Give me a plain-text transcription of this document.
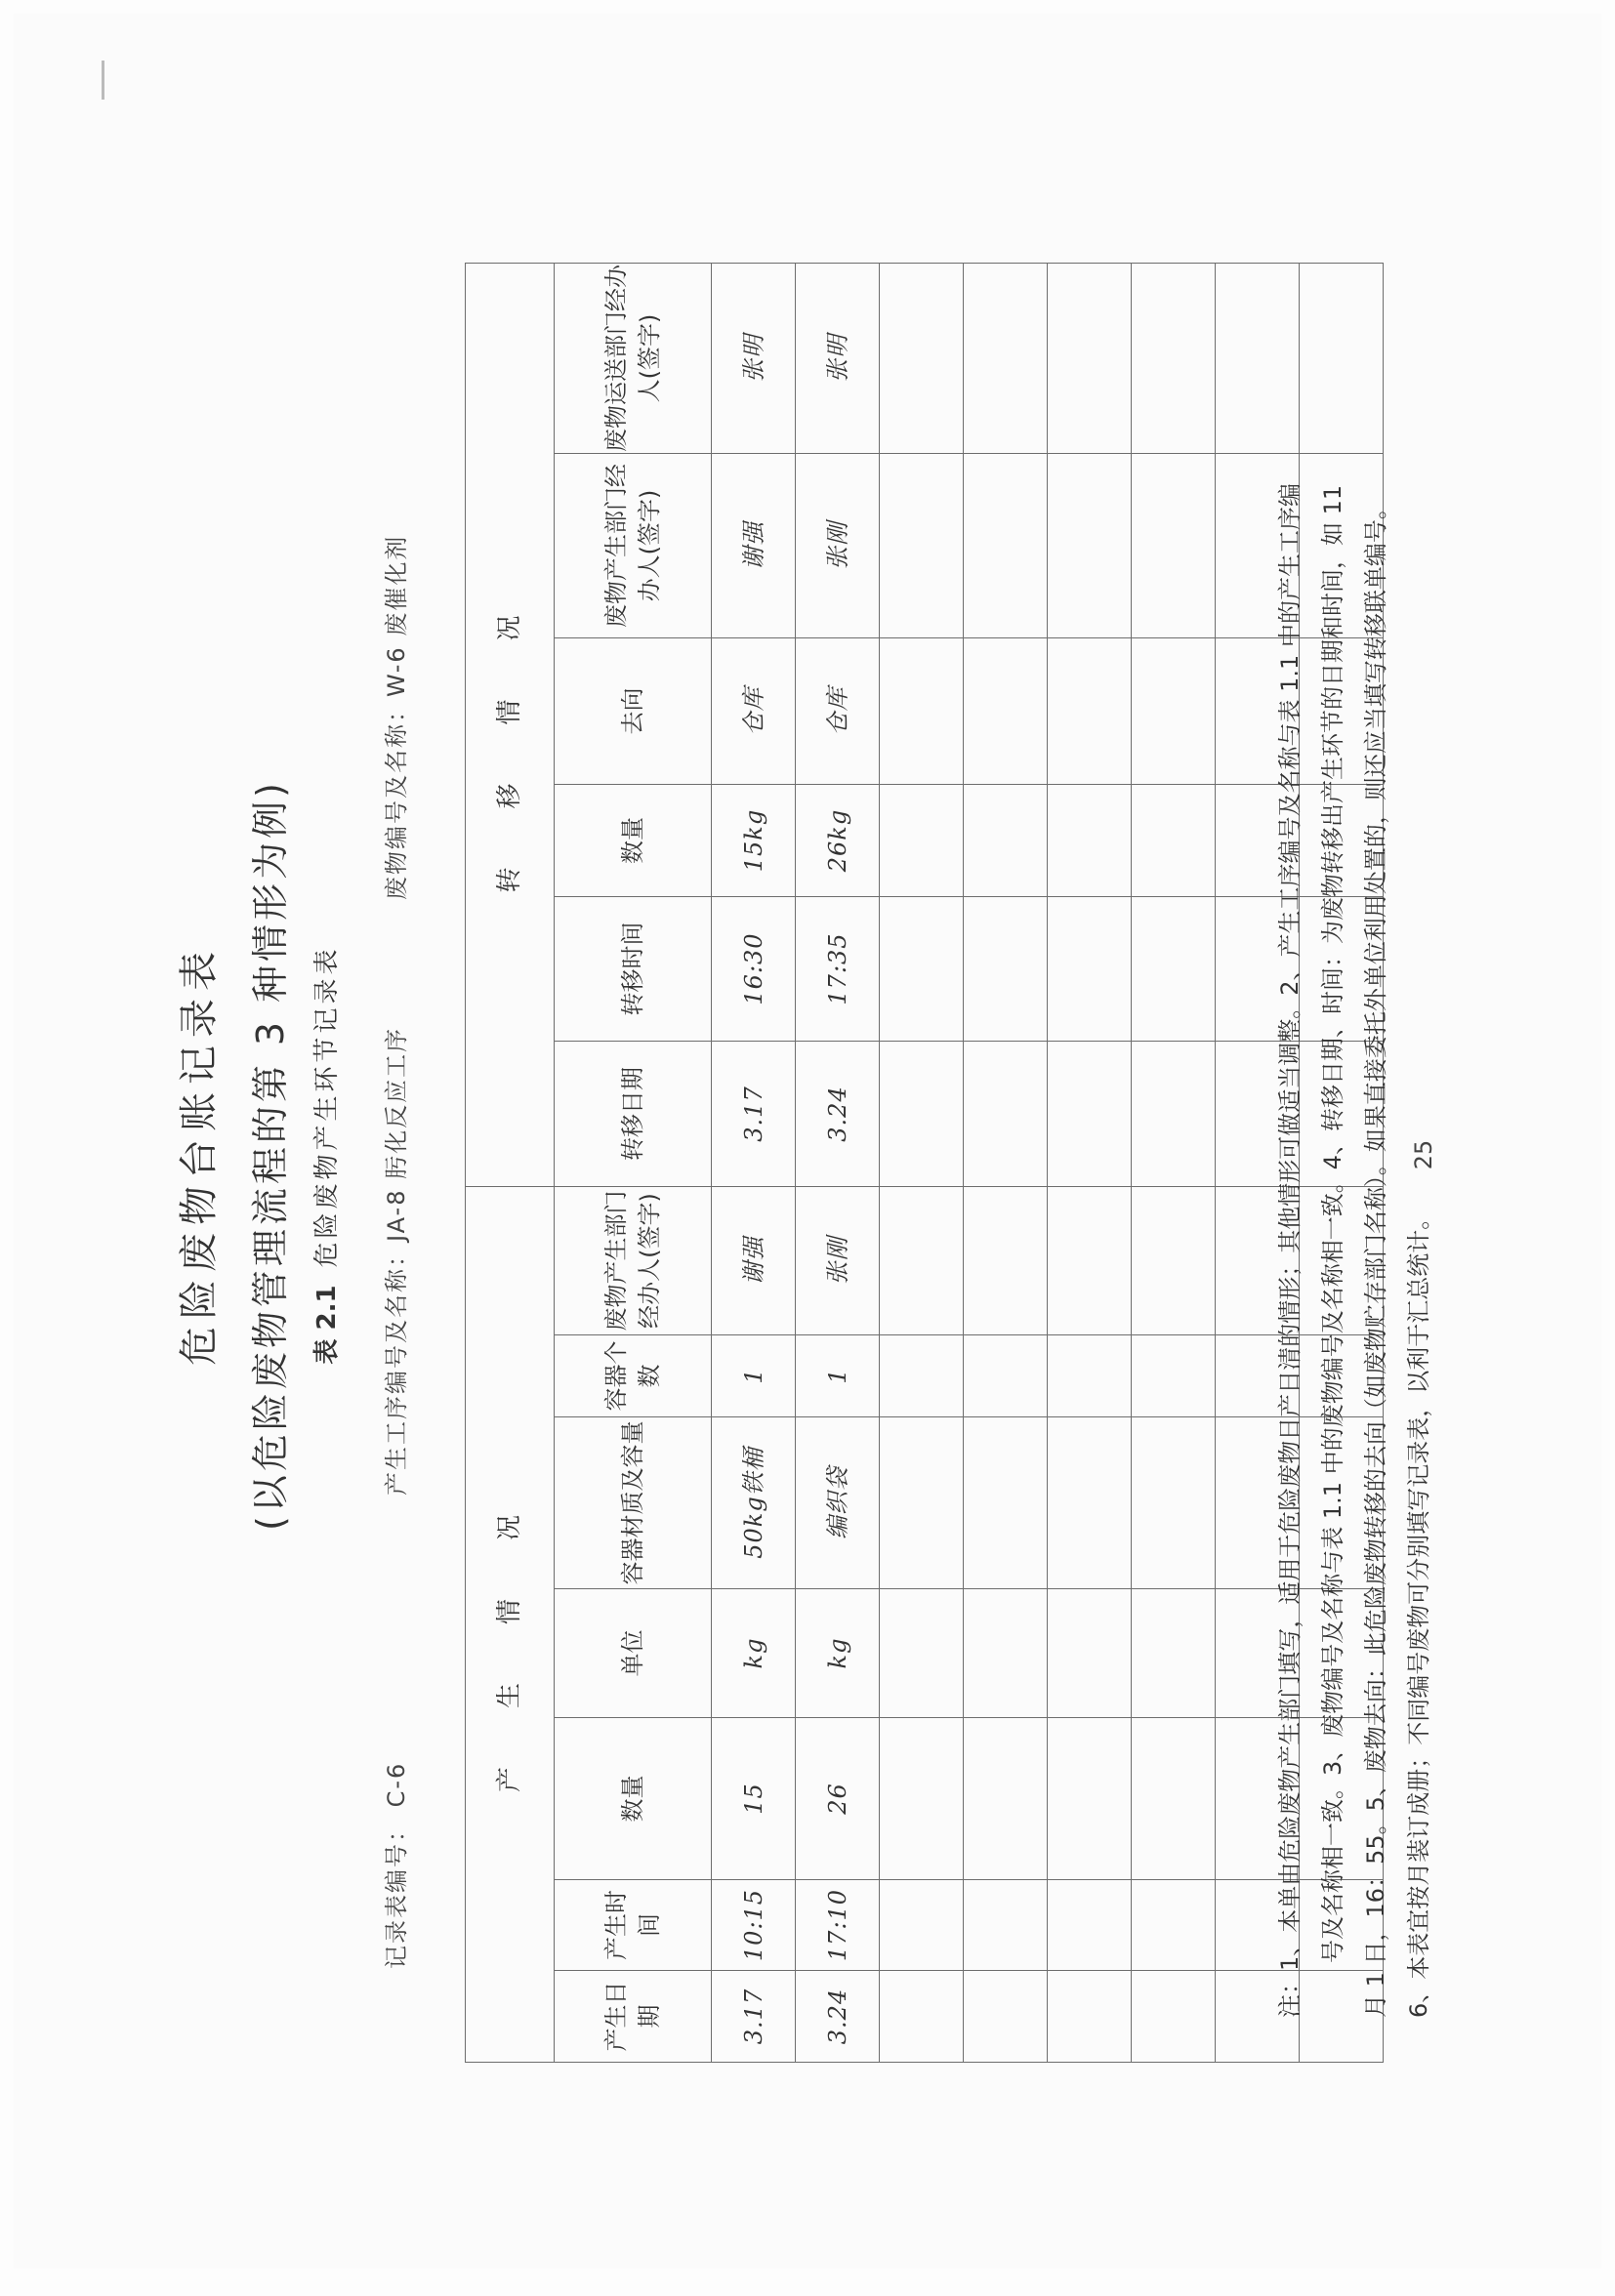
危险废物台账记录表 (以危险废物管理流程的第 3 种情形为例) 表 2.1危险废物产生环节记录表
记录表编号： C-6
产生工序编号及名称：JA-8 肟化反应工序
废物编号及名称：W-6 废催化剂
产生情况							转移情况					
产生日期	产生时间	数量	单位	容器材质及容量	容器个数	废物产生部门经办人(签字)	转移日期	转移时间	数量	去向	废物产生部门经办人(签字)	废物运送部门经办人(签字)
3.17	10:15	15	kg	50kg铁桶	1	谢强	3.17	16:30	15kg	仓库	谢强	张明
3.24	17:10	26	kg	编织袋	1	张刚	3.24	17:35	26kg	仓库	张刚	张明

注：1、本单由危险废物产生部门填写，适用于危险废物日产日清的情形；其他情形可做适当调整。2、产生工序编号及名称与表 1.1 中的产生工序编 号及名称相一致。3、废物编号及名称与表 1.1 中的废物编号及名称相一致。4、转移日期、时间：为废物转移出产生环节的日期和时间，如 11 月 1 日，16：55。5、废物去向：此危险废物转移的去向（如废物贮存部门名称）。如果直接委托外单位利用处置的，则还应当填写转移联单编号。 6、本表宜按月装订成册；不同编号废物可分别填写记录表，以利于汇总统计。
25
